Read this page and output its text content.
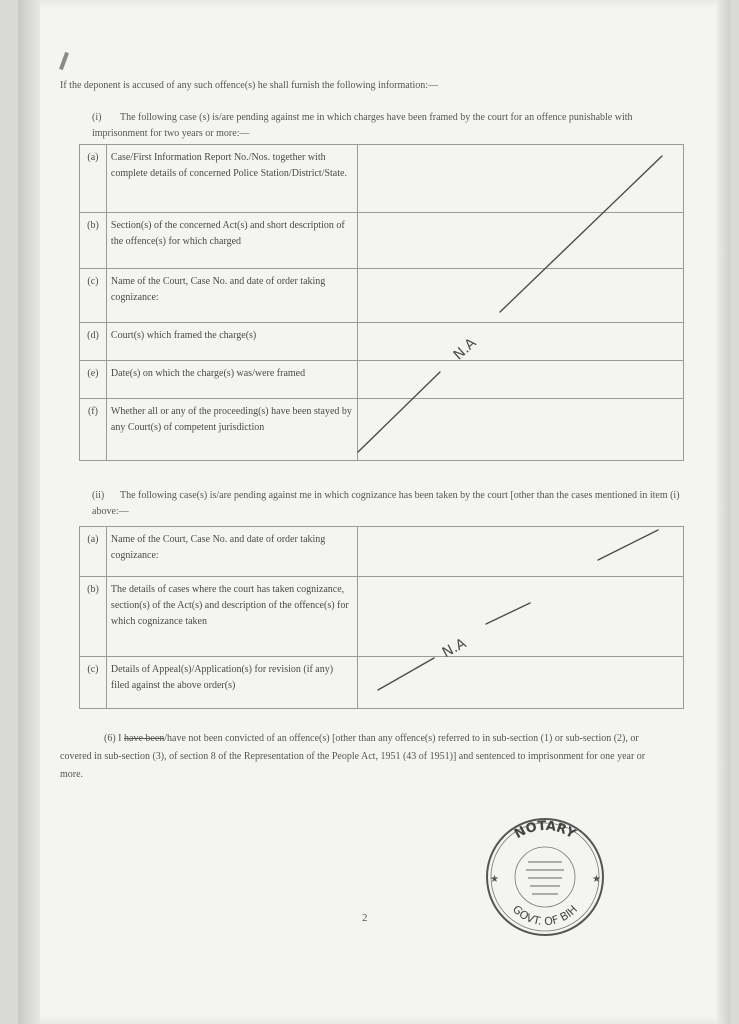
If the deponent is accused of any such offence(s) he shall furnish the following information:—
(i) The following case (s) is/are pending against me in which charges have been framed by the court for an offence punishable with imprisonment for two years or more:—
(a)	Case/First Information Report No./Nos. together with complete details of concerned Police Station/District/State.	
(b)	Section(s) of the concerned Act(s) and short description of the offence(s) for which charged	
(c)	Name of the Court, Case No. and date of order taking cognizance:	
(d)	Court(s) which framed the charge(s)	
(e)	Date(s) on which the charge(s) was/were framed	
(f)	Whether all or any of the proceeding(s) have been stayed by any Court(s) of competent jurisdiction	
(ii) The following case(s) is/are pending against me in which cognizance has been taken by the court [other than the cases mentioned in item (i) above:—
(a)	Name of the Court, Case No. and date of order taking cognizance:	
(b)	The details of cases where the court has taken cognizance, section(s) of the Act(s) and description of the offence(s) for which cognizance taken	
(c)	Details of Appeal(s)/Application(s) for revision (if any) filed against the above order(s)	
N.A
N.A
(6) I have been/have not been convicted of an offence(s) [other than any offence(s) referred to in sub-section (1) or sub-section (2), or covered in sub-section (3), of section 8 of the Representation of the People Act, 1951 (43 of 1951)] and sentenced to imprisonment for one year or more.
NOTARY
GOVT. OF BIH
★	★
2
